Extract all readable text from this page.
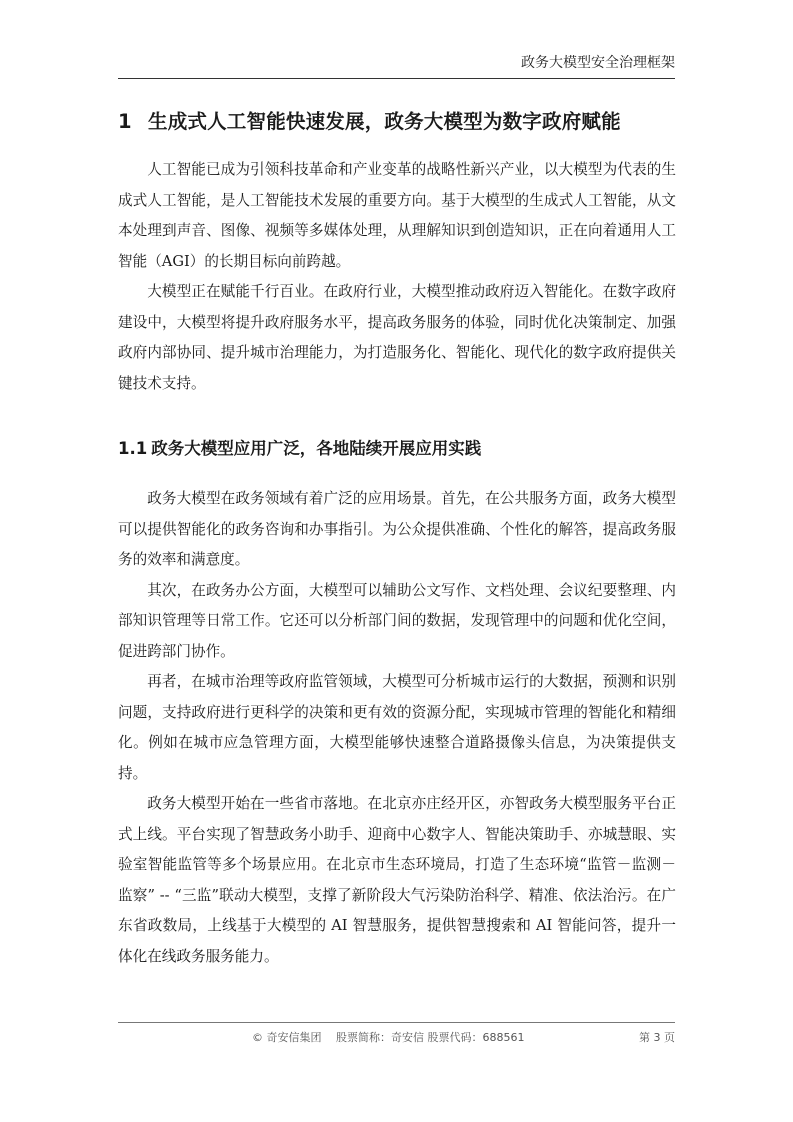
政务大模型安全治理框架
1 生成式人工智能快速发展，政务大模型为数字政府赋能

人工智能已成为引领科技革命和产业变革的战略性新兴产业，以大模型为代表的生成式人工智能，是人工智能技术发展的重要方向。基于大模型的生成式人工智能，从文本处理到声音、图像、视频等多媒体处理，从理解知识到创造知识，正在向着通用人工智能（AGI）的长期目标向前跨越。

大模型正在赋能千行百业。在政府行业，大模型推动政府迈入智能化。在数字政府建设中，大模型将提升政府服务水平，提高政务服务的体验，同时优化决策制定、加强政府内部协同、提升城市治理能力，为打造服务化、智能化、现代化的数字政府提供关键技术支持。

1.1 政务大模型应用广泛，各地陆续开展应用实践

政务大模型在政务领域有着广泛的应用场景。首先，在公共服务方面，政务大模型可以提供智能化的政务咨询和办事指引。为公众提供准确、个性化的解答，提高政务服务的效率和满意度。

其次，在政务办公方面，大模型可以辅助公文写作、文档处理、会议纪要整理、内部知识管理等日常工作。它还可以分析部门间的数据，发现管理中的问题和优化空间，促进跨部门协作。

再者，在城市治理等政府监管领域，大模型可分析城市运行的大数据，预测和识别问题，支持政府进行更科学的决策和更有效的资源分配，实现城市管理的智能化和精细化。例如在城市应急管理方面，大模型能够快速整合道路摄像头信息，为决策提供支持。

政务大模型开始在一些省市落地。在北京亦庄经开区，亦智政务大模型服务平台正式上线。平台实现了智慧政务小助手、迎商中心数字人、智能决策助手、亦城慧眼、实验室智能监管等多个场景应用。在北京市生态环境局，打造了生态环境“监管－监测－监察” -- “三监”联动大模型，支撑了新阶段大气污染防治科学、精准、依法治污。在广东省政数局，上线基于大模型的 AI 智慧服务，提供智慧搜索和 AI 智能问答，提升一体化在线政务服务能力。

© 奇安信集团　 股票简称：奇安信 股票代码：688561	第 3 页
